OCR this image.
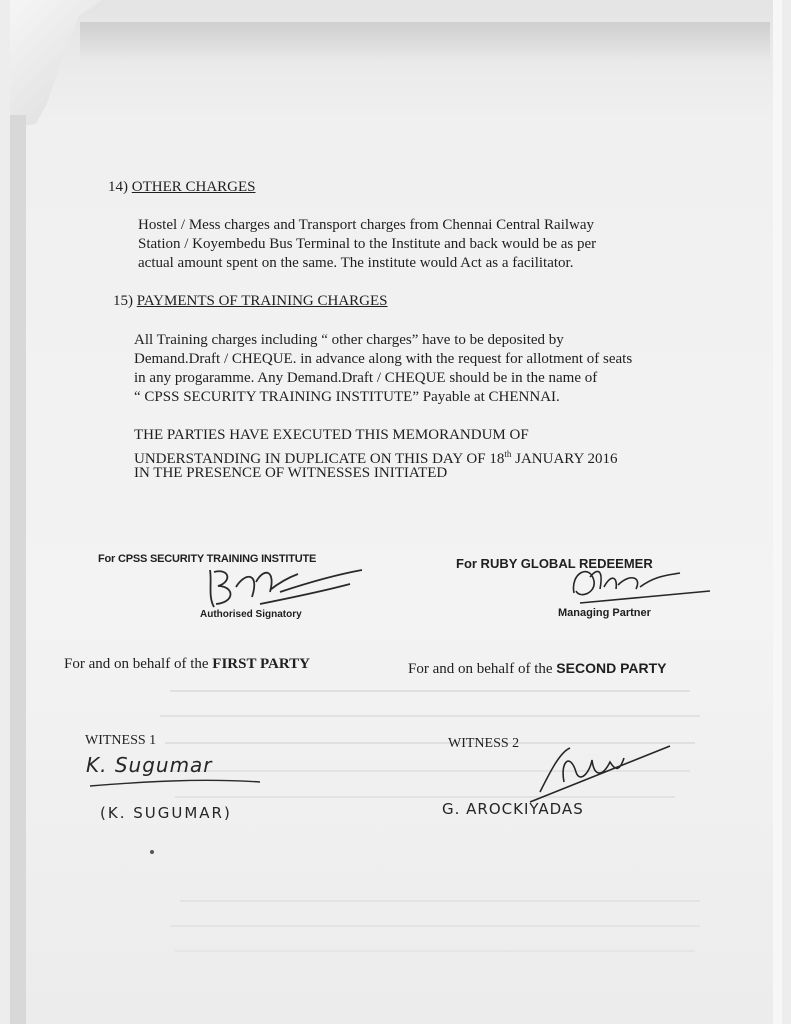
14) OTHER CHARGES
Hostel / Mess charges and Transport charges from Chennai Central Railway
Station / Koyembedu Bus Terminal to the Institute and back would be as per
actual amount spent on the same. The institute would Act as a facilitator.
15) PAYMENTS OF TRAINING CHARGES
All Training charges including “ other charges” have to be deposited by
Demand.Draft / CHEQUE. in advance along with the request for allotment of seats
in any progaramme. Any Demand.Draft / CHEQUE should be in the name of
“ CPSS SECURITY TRAINING INSTITUTE” Payable at CHENNAI.
THE PARTIES HAVE EXECUTED THIS MEMORANDUM OF
UNDERSTANDING IN DUPLICATE ON THIS DAY OF 18th JANUARY 2016
IN THE PRESENCE OF WITNESSES INITIATED
For CPSS SECURITY TRAINING INSTITUTE
Authorised Signatory
For and on behalf of the FIRST PARTY
For RUBY GLOBAL REDEEMER
Managing Partner
For and on behalf of the SECOND PARTY
WITNESS 1
K. Sugumar
(K. SUGUMAR)
WITNESS 2
G. AROCKIYADAS
